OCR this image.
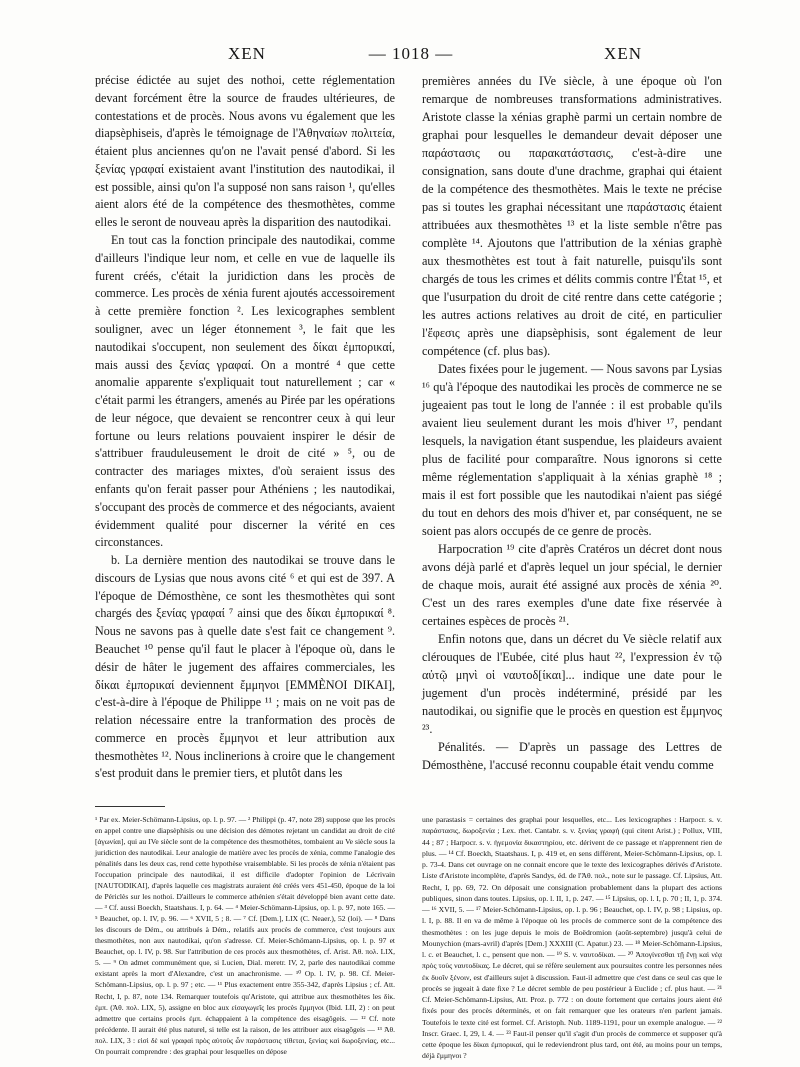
XEN	— 1018 —	XEN

précise édictée au sujet des nothoi, cette réglementation devant forcément être la source de fraudes ultérieures, de contestations et de procès. Nous avons vu également que les diapsèphiseis, d'après le témoignage de l'Ἀθηναίων πολιτεία, étaient plus anciennes qu'on ne l'avait pensé d'abord. Si les ξενίας γραφαί existaient avant l'institution des nautodikai, il est possible, ainsi qu'on l'a supposé non sans raison ¹, qu'elles aient alors été de la compétence des thesmothètes, comme elles le seront de nouveau après la disparition des nautodikai.

En tout cas la fonction principale des nautodikai, comme d'ailleurs l'indique leur nom, et celle en vue de laquelle ils furent créés, c'était la juridiction dans les procès de commerce. Les procès de xénia furent ajoutés accessoirement à cette première fonction ². Les lexicographes semblent souligner, avec un léger étonnement ³, le fait que les nautodikai s'occupent, non seulement des δίκαι ἐμπορικαί, mais aussi des ξενίας γραφαί. On a montré ⁴ que cette anomalie apparente s'expliquait tout naturellement ; car « c'était parmi les étrangers, amenés au Pirée par les opérations de leur négoce, que devaient se rencontrer ceux à qui leur fortune ou leurs relations pouvaient inspirer le désir de s'attribuer frauduleusement le droit de cité » ⁵, ou de contracter des mariages mixtes, d'où seraient issus des enfants qu'on ferait passer pour Athéniens ; les nautodikai, s'occupant des procès de commerce et des négociants, avaient évidemment qualité pour discerner la vérité en ces circonstances.

b. La dernière mention des nautodikai se trouve dans le discours de Lysias que nous avons cité ⁶ et qui est de 397. A l'époque de Démosthène, ce sont les thesmothètes qui sont chargés des ξενίας γραφαί ⁷ ainsi que des δίκαι ἐμπορικαί ⁸. Nous ne savons pas à quelle date s'est fait ce changement ⁹. Beauchet ¹⁰ pense qu'il faut le placer à l'époque où, dans le désir de hâter le jugement des affaires commerciales, les δίκαι ἐμπορικαί deviennent ἔμμηνοι [EMMÈNOI DIKAI], c'est-à-dire à l'époque de Philippe ¹¹ ; mais on ne voit pas de relation nécessaire entre la tranformation des procès de commerce en procès ἔμμηνοι et leur attribution aux thesmothètes ¹². Nous inclinerions à croire que le changement s'est produit dans le premier tiers, et plutôt dans les

premières années du IVe siècle, à une époque où l'on remarque de nombreuses transformations administratives. Aristote classe la xénias graphè parmi un certain nombre de graphai pour lesquelles le demandeur devait déposer une παράστασις ou παρακατάστασις, c'est-à-dire une consignation, sans doute d'une drachme, graphai qui étaient de la compétence des thesmothètes. Mais le texte ne précise pas si toutes les graphai nécessitant une παράστασις étaient attribuées aux thesmothètes ¹³ et la liste semble n'être pas complète ¹⁴. Ajoutons que l'attribution de la xénias graphè aux thesmothètes est tout à fait naturelle, puisqu'ils sont chargés de tous les crimes et délits commis contre l'État ¹⁵, et que l'usurpation du droit de cité rentre dans cette catégorie ; les autres actions relatives au droit de cité, en particulier l'ἔφεσις après une diapsèphisis, sont également de leur compétence (cf. plus bas).

Dates fixées pour le jugement. — Nous savons par Lysias ¹⁶ qu'à l'époque des nautodikai les procès de commerce ne se jugeaient pas tout le long de l'année : il est probable qu'ils avaient lieu seulement durant les mois d'hiver ¹⁷, pendant lesquels, la navigation étant suspendue, les plaideurs avaient plus de facilité pour comparaître. Nous ignorons si cette même réglementation s'appliquait à la xénias graphè ¹⁸ ; mais il est fort possible que les nautodikai n'aient pas siégé du tout en dehors des mois d'hiver et, par conséquent, ne se soient pas alors occupés de ce genre de procès.

Harpocration ¹⁹ cite d'après Cratéros un décret dont nous avons déjà parlé et d'après lequel un jour spécial, le dernier de chaque mois, aurait été assigné aux procès de xénia ²⁰. C'est un des rares exemples d'une date fixe réservée à certaines espèces de procès ²¹.

Enfin notons que, dans un décret du Ve siècle relatif aux clérouques de l'Eubée, cité plus haut ²², l'expression ἐν τῷ αὐτῷ μηνὶ οἱ ναυτοδ[ίκαι]... indique une date pour le jugement d'un procès indéterminé, présidé par les nautodikai, ou signifie que le procès en question est ἔμμηνος ²³.

Pénalités. — D'après un passage des Lettres de Démosthène, l'accusé reconnu coupable était vendu comme

¹ Par ex. Meier-Schömann-Lipsius, op. l. p. 97. — ² Philippi (p. 47, note 28) suppose que les procès en appel contre une diapsèphisis ou une décision des démotes rejetant un candidat au droit de cité [ἀγωνίαι], qui au IVe siècle sont de la compétence des thesmothètes, tombaient au Ve siècle sous la juridiction des nautodikai. Leur analogie de matière avec les procès de xénia, comme l'analogie des pénalités dans les deux cas, rend cette hypothèse vraisemblable. Si les procès de xénia n'étaient pas l'occupation principale des nautodikai, il est difficile d'adopter l'opinion de Lécrivain [NAUTODIKAI], d'après laquelle ces magistrats auraient été créés vers 451-450, époque de la loi de Périclès sur les nothoi. D'ailleurs le commerce athénien s'était développé bien avant cette date. — ³ Cf. aussi Boeckh, Staatshaus. I, p. 64. — ⁴ Meier-Schömann-Lipsius, op. l. p. 97, note 165. — ⁵ Beauchet, op. l. IV, p. 96. — ⁶ XVII, 5 ; 8. — ⁷ Cf. [Dem.], LIX (C. Neaer.), 52 (loi). — ⁸ Dans les discours de Dém., ou attribués à Dém., relatifs aux procès de commerce, c'est toujours aux thesmothètes, non aux nautodikai, qu'on s'adresse. Cf. Meier-Schömann-Lipsius, op. l. p. 97 et Beauchet, op. l. IV, p. 98. Sur l'attribution de ces procès aux thesmothètes, cf. Arist. Ἀθ. πολ. LIX, 5. — ⁹ On admet communément que, si Lucien, Dial. meretr. IV, 2, parle des nautodikai comme existant après la mort d'Alexandre, c'est un anachronisme. — ¹⁰ Op. l. IV, p. 98. Cf. Meier-Schömann-Lipsius, op. l. p. 97 ; etc. — ¹¹ Plus exactement entre 355-342, d'après Lipsius ; cf. Att. Recht, I, p. 87, note 134. Remarquer toutefois qu'Aristote, qui attribue aux thesmothètes les δίκ. ἐμπ. (Ἀθ. πολ. LIX, 5), assigne en bloc aux εἰσαγωγεῖς les procès ἔμμηνοι (Ibid. LII, 2) : on peut admettre que certains procès ἐμπ. échappaient à la compétence des eisagôgeis. — ¹² Cf. note précédente. Il aurait été plus naturel, si telle est la raison, de les attribuer aux eisagôgeis — ¹³ Ἀθ. πολ. LIX, 3 : εἰσὶ δὲ καὶ γραφαὶ πρὸς αὐτοὺς ὧν παράστασις τίθεται, ξενίας καὶ δωροξενίας, etc... On pourrait comprendre : des graphai pour lesquelles on dépose

une parastasis = certaines des graphai pour lesquelles, etc... Les lexicographes : Harpocr. s. v. παράστασις, δωροξενία ; Lex. rhet. Cantabr. s. v. ξενίας γραφή (qui citent Arist.) ; Pollux, VIII, 44 ; 87 ; Harpocr. s. v. ἡγεμονία δικαστηρίου, etc. dérivent de ce passage et n'apprennent rien de plus. — ¹⁴ Cf. Boeckh, Staatshaus. I, p. 419 et, en sens différent, Meier-Schömann-Lipsius, op. l. p. 73-4. Dans cet ouvrage on ne connait encore que le texte des lexicographes dérivés d'Aristote. Liste d'Aristote incomplète, d'après Sandys, éd. de l'Ἀθ. πολ., note sur le passage. Cf. Lipsius, Att. Recht, I, pp. 69, 72. On déposait une consignation probablement dans la plupart des actions publiques, sinon dans toutes. Lipsius, op. l. II, 1, p. 247. — ¹⁵ Lipsius, op. l. I, p. 70 ; II, 1, p. 374. — ¹⁶ XVII, 5. — ¹⁷ Meier-Schömann-Lipsius, op. l. p. 96 ; Beauchet, op. l. IV, p. 98 ; Lipsius, op. l. I, p. 88. Il en va de même à l'époque où les procès de commerce sont de la compétence des thesmothètes : on les juge depuis le mois de Boëdromion (août-septembre) jusqu'à celui de Mounychion (mars-avril) d'après [Dem.] XXXIII (C. Apatur.) 23. — ¹⁸ Meier-Schömann-Lipsius, l. c. et Beauchet, l. c., pensent que non. — ¹⁹ S. v. ναυτοδίκαι. — ²⁰ Ἀπογίνεσθαι τῇ ἕνῃ καὶ νέᾳ πρὸς τοὺς ναυτοδίκας. Le décret, qui se réfère seulement aux poursuites contre les personnes nées ἐκ δυοῖν ξένοιν, est d'ailleurs sujet à discussion. Faut-il admettre que c'est dans ce seul cas que le procès se jugeait à date fixe ? Le décret semble de peu postérieur à Euclide ; cf. plus haut. — ²¹ Cf. Meier-Schömann-Lipsius, Att. Proz. p. 772 : on doute fortement que certains jours aient été fixés pour des procès déterminés, et on fait remarquer que les orateurs n'en parlent jamais. Toutefois le texte cité est formel. Cf. Aristoph. Nub. 1189-1191, pour un exemple analogue. — ²² Inscr. Graec. I, 29, l. 4. — ²³ Faut-il penser qu'il s'agit d'un procès de commerce et supposer qu'à cette époque les δίκαι ἐμπορικαί, qui le redeviendront plus tard, ont été, au moins pour un temps, déjà ἔμμηνοι ?
